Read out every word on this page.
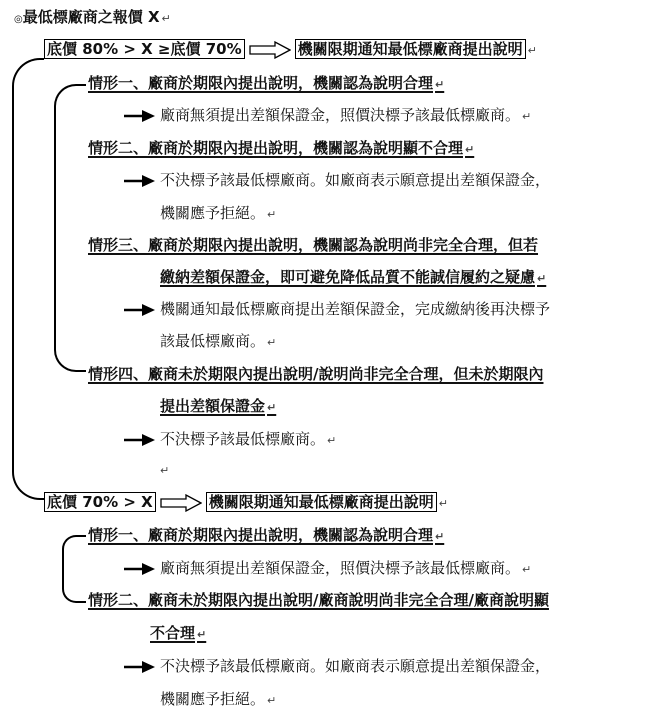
◎最低標廠商之報價 X ↵
底價 80% > X ≥底價 70%	機關限期通知最低標廠商提出說明 ↵
情形一、廠商於期限內提出說明，機關認為說明合理 ↵
廠商無須提出差額保證金，照價決標予該最低標廠商。 ↵
情形二、廠商於期限內提出說明，機關認為說明顯不合理 ↵
不決標予該最低標廠商。如廠商表示願意提出差額保證金，
機關應予拒絕。 ↵
情形三、廠商於期限內提出說明，機關認為說明尚非完全合理，但若
繳納差額保證金，即可避免降低品質不能誠信履約之疑慮 ↵
機關通知最低標廠商提出差額保證金，完成繳納後再決標予
該最低標廠商。 ↵
情形四、廠商未於期限內提出說明/說明尚非完全合理，但未於期限內
提出差額保證金 ↵
不決標予該最低標廠商。 ↵
↵
底價 70% > X	機關限期通知最低標廠商提出說明 ↵
情形一、廠商於期限內提出說明，機關認為說明合理 ↵
廠商無須提出差額保證金，照價決標予該最低標廠商。 ↵
情形二、廠商未於期限內提出說明/廠商說明尚非完全合理/廠商說明顯
不合理 ↵
不決標予該最低標廠商。如廠商表示願意提出差額保證金，
機關應予拒絕。 ↵
